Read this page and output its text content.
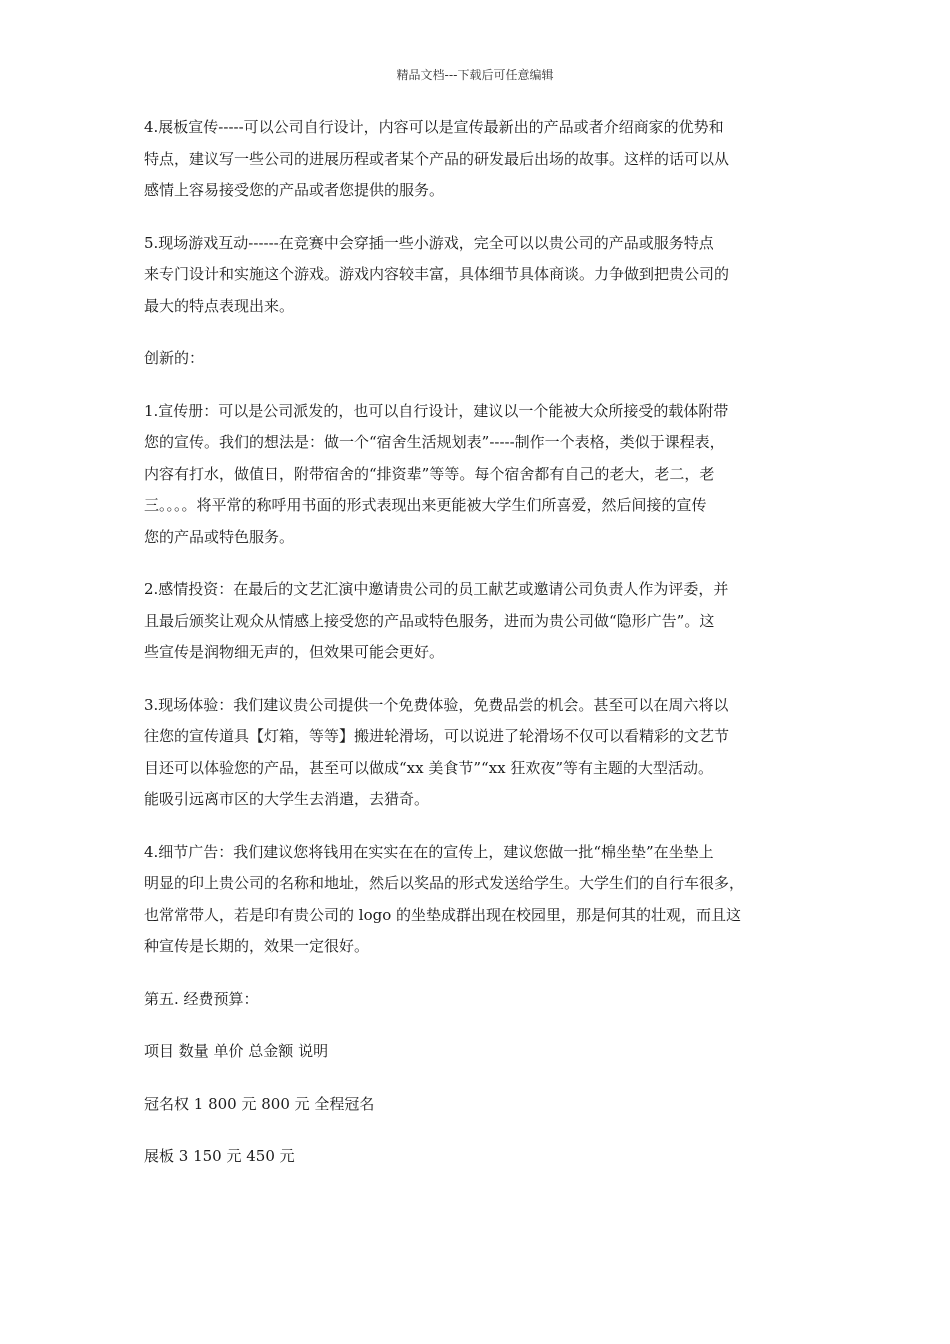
精品文档---下载后可任意编辑

4.展板宣传-----可以公司自行设计，内容可以是宣传最新出的产品或者介绍商家的优势和
特点，建议写一些公司的进展历程或者某个产品的研发最后出场的故事。这样的话可以从
感情上容易接受您的产品或者您提供的服务。

5.现场游戏互动------在竞赛中会穿插一些小游戏，完全可以以贵公司的产品或服务特点
来专门设计和实施这个游戏。游戏内容较丰富，具体细节具体商谈。力争做到把贵公司的
最大的特点表现出来。

创新的：

1.宣传册：可以是公司派发的，也可以自行设计，建议以一个能被大众所接受的载体附带
您的宣传。我们的想法是：做一个“宿舍生活规划表”-----制作一个表格，类似于课程表，
内容有打水，做值日，附带宿舍的“排资辈”等等。每个宿舍都有自己的老大，老二，老
三。。。。将平常的称呼用书面的形式表现出来更能被大学生们所喜爱，然后间接的宣传
您的产品或特色服务。

2.感情投资：在最后的文艺汇演中邀请贵公司的员工献艺或邀请公司负责人作为评委，并
且最后颁奖让观众从情感上接受您的产品或特色服务，进而为贵公司做“隐形广告”。这
些宣传是润物细无声的，但效果可能会更好。

3.现场体验：我们建议贵公司提供一个免费体验，免费品尝的机会。甚至可以在周六将以
往您的宣传道具【灯箱，等等】搬进轮滑场，可以说进了轮滑场不仅可以看精彩的文艺节
目还可以体验您的产品，甚至可以做成“xx 美食节”“xx 狂欢夜”等有主题的大型活动。
能吸引远离市区的大学生去消遣，去猎奇。

4.细节广告：我们建议您将钱用在实实在在的宣传上，建议您做一批“棉坐垫”在坐垫上
明显的印上贵公司的名称和地址，然后以奖品的形式发送给学生。大学生们的自行车很多，
也常常带人，若是印有贵公司的 logo 的坐垫成群出现在校园里，那是何其的壮观，而且这
种宣传是长期的，效果一定很好。

第五. 经费预算：

项目 数量 单价 总金额 说明

冠名权 1 800 元 800 元 全程冠名

展板 3 150 元 450 元
